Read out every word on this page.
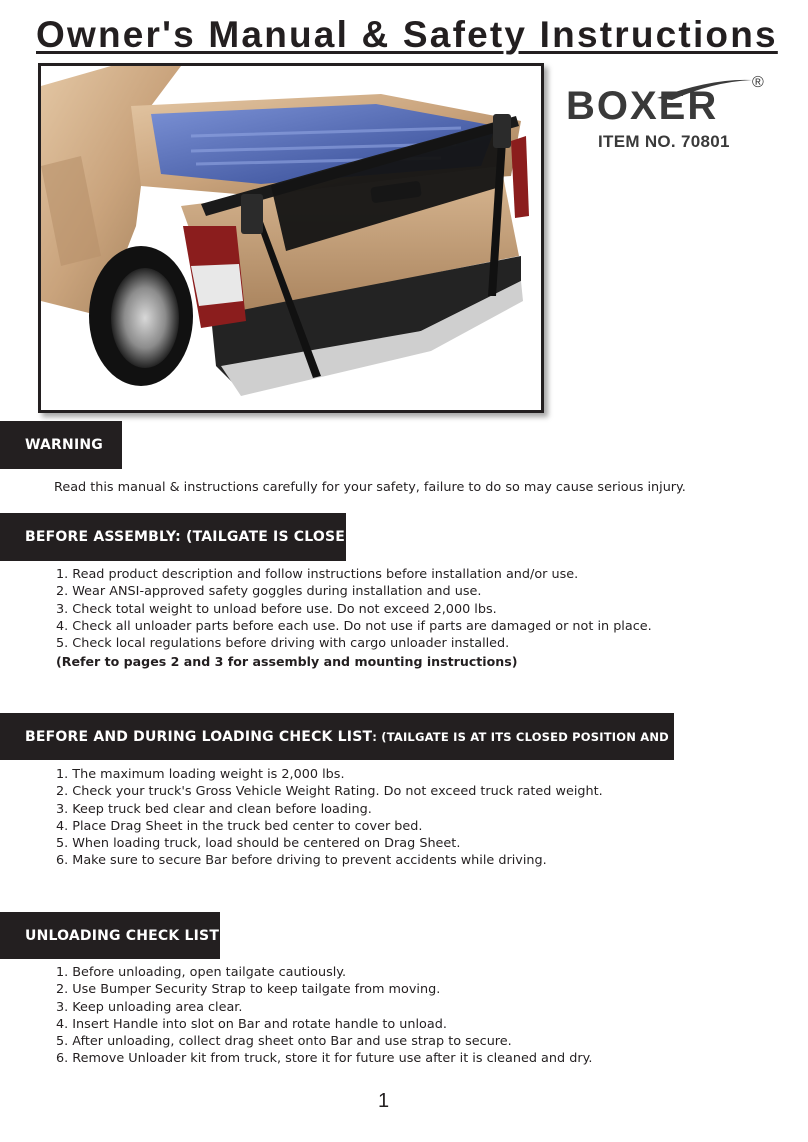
Owner's Manual & Safety Instructions
BOXER
®
ITEM NO. 70801
WARNING
Read this manual & instructions carefully for your safety, failure to do so may cause serious injury.
BEFORE ASSEMBLY: (TAILGATE IS CLOSED)
1. Read product description and follow instructions before installation and/or use.
2. Wear ANSI-approved safety goggles during installation and use.
3. Check total weight to unload before use. Do not exceed 2,000 lbs.
4. Check all unloader parts before each use. Do not use if parts are damaged or not in place.
5. Check local regulations before driving with cargo unloader installed.
(Refer to pages 2 and 3 for assembly and mounting instructions)
BEFORE AND DURING LOADING CHECK LIST : (TAILGATE IS AT ITS CLOSED POSITION AND LOCKED)
1. The maximum loading weight is 2,000 lbs.
2. Check your truck's Gross Vehicle Weight Rating. Do not exceed truck rated weight.
3. Keep truck bed clear and clean before loading.
4. Place Drag Sheet in the truck bed center to cover bed.
5. When loading truck, load should be centered on Drag Sheet.
6. Make sure to secure Bar before driving to prevent accidents while driving.
UNLOADING CHECK LIST
1. Before unloading, open tailgate cautiously.
2. Use Bumper Security Strap to keep tailgate from moving.
3. Keep unloading area clear.
4. Insert Handle into slot on Bar and rotate handle to unload.
5. After unloading, collect drag sheet onto Bar and use strap to secure.
6. Remove Unloader kit from truck, store it for future use after it is cleaned and dry.
1
